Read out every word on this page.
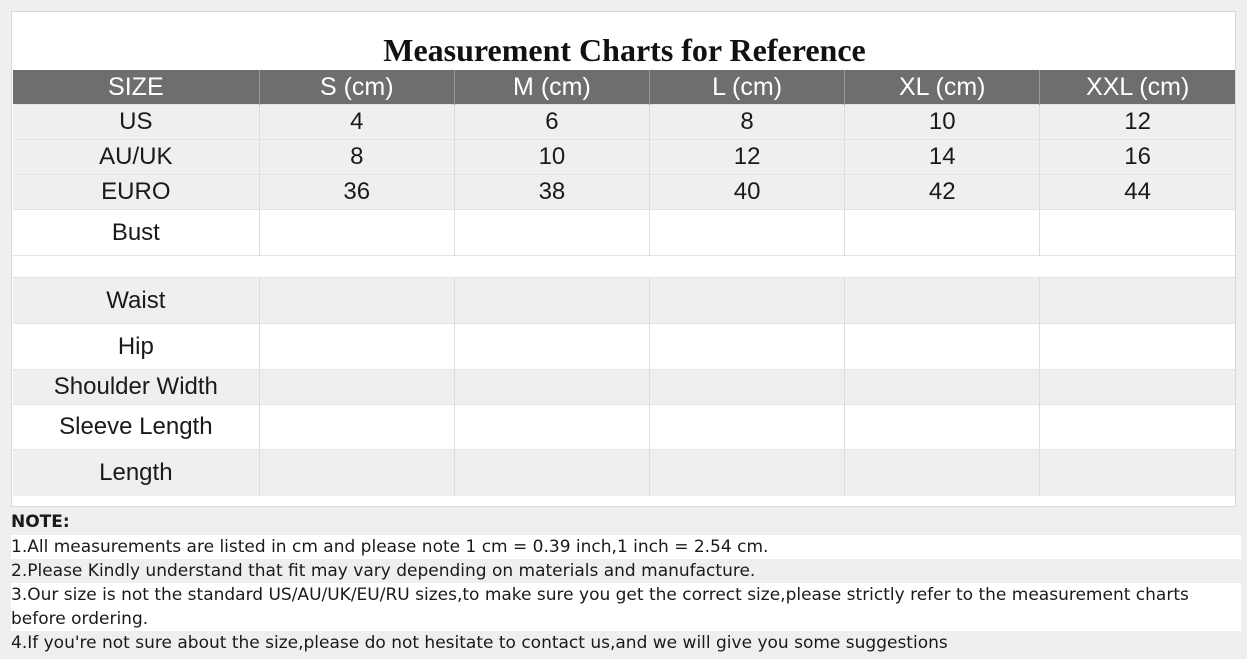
Measurement Charts for Reference
SIZE	S (cm)	M (cm)	L (cm)	XL (cm)	XXL (cm)
US	4	6	8	10	12
AU/UK	8	10	12	14	16
EURO	36	38	40	42	44
Bust					

Waist					
Hip					
Shoulder Width					
Sleeve Length					
Length					
NOTE:
1.All measurements are listed in cm and please note 1 cm = 0.39 inch,1 inch = 2.54 cm.
2.Please Kindly understand that fit may vary depending on materials and manufacture.
3.Our size is not the standard US/AU/UK/EU/RU sizes,to make sure you get the correct size,please strictly refer to the measurement charts before ordering.
4.If you're not sure about the size,please do not hesitate to contact us,and we will give you some suggestions
